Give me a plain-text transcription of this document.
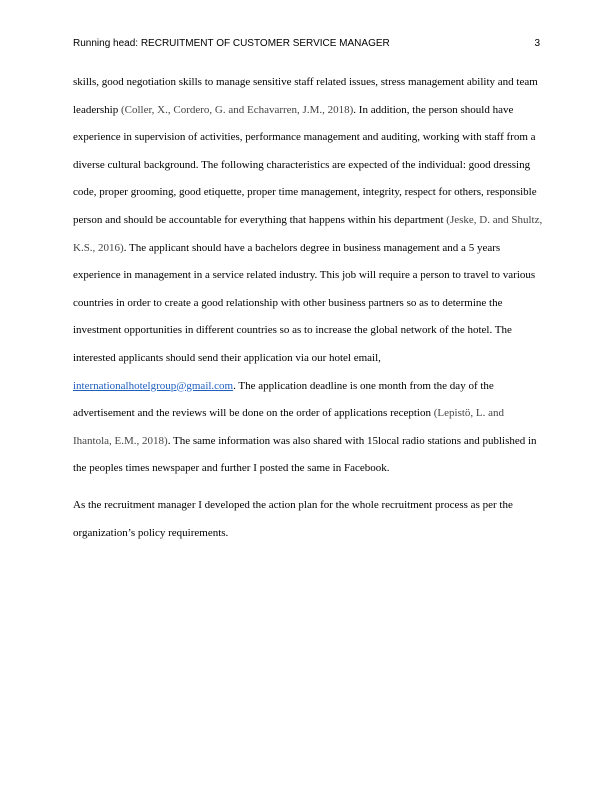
Running head: RECRUITMENT OF CUSTOMER SERVICE MANAGER	3

skills, good negotiation skills to manage sensitive staff related issues, stress management ability and team leadership (Coller, X., Cordero, G. and Echavarren, J.M., 2018). In addition, the person should have experience in supervision of activities, performance management and auditing, working with staff from a diverse cultural background. The following characteristics are expected of the individual: good dressing code, proper grooming, good etiquette, proper time management, integrity, respect for others, responsible person and should be accountable for everything that happens within his department (Jeske, D. and Shultz, K.S., 2016). The applicant should have a bachelors degree in business management and a 5 years experience in management in a service related industry. This job will require a person to travel to various countries in order to create a good relationship with other business partners so as to determine the investment opportunities in different countries so as to increase the global network of the hotel. The interested applicants should send their application via our hotel email, internationalhotelgroup@gmail.com. The application deadline is one month from the day of the advertisement and the reviews will be done on the order of applications reception (Lepistö, L. and Ihantola, E.M., 2018). The same information was also shared with 15local radio stations and published in the peoples times newspaper and further I posted the same in Facebook.

As the recruitment manager I developed the action plan for the whole recruitment process as per the organization’s policy requirements.
